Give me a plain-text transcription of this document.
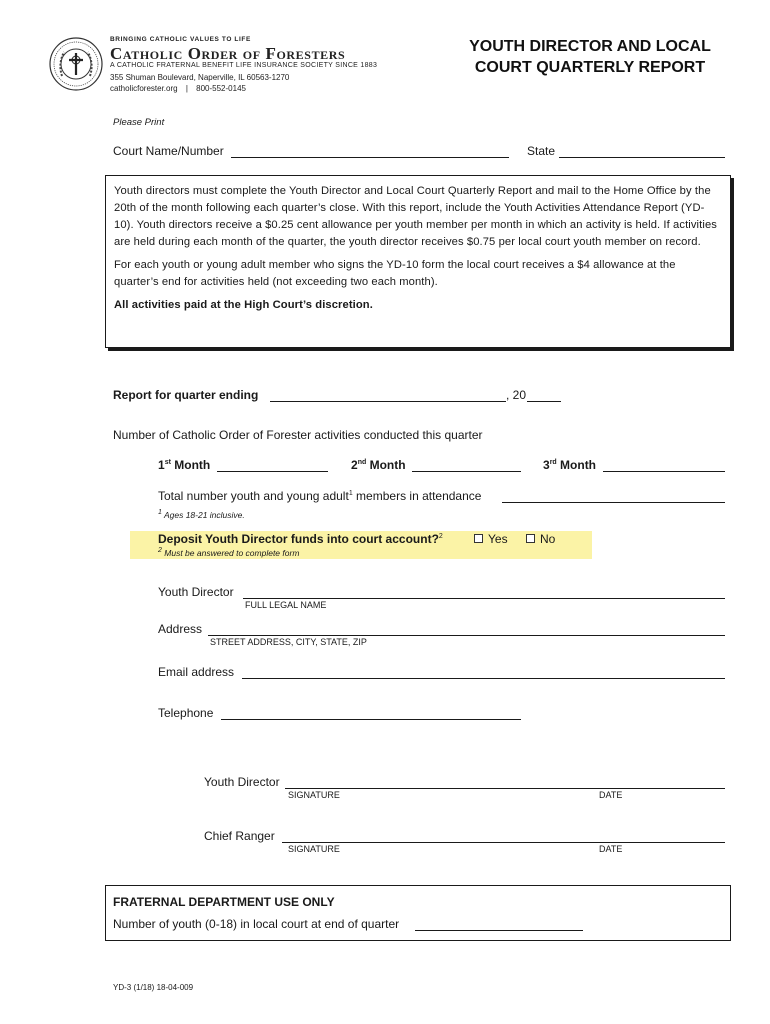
BRINGING CATHOLIC VALUES TO LIFE
Catholic Order of Foresters
A CATHOLIC FRATERNAL BENEFIT LIFE INSURANCE SOCIETY SINCE 1883
355 Shuman Boulevard, Naperville, IL 60563-1270
catholicforester.org | 800-552-0145
YOUTH DIRECTOR AND LOCAL
COURT QUARTERLY REPORT
Please Print
Court Name/Number	State

Youth directors must complete the Youth Director and Local Court Quarterly Report and mail to the Home Office by the 20th of the month following each quarter’s close. With this report, include the Youth Activities Attendance Report (YD-10). Youth directors receive a $0.25 cent allowance per youth member per month in which an activity is held. If activities are held during each month of the quarter, the youth director receives $0.75 per local court youth member on record.

For each youth or young adult member who signs the YD-10 form the local court receives a $4 allowance at the quarter’s end for activities held (not exceeding two each month).

All activities paid at the High Court’s discretion.

Report for quarter ending	, 20
Number of Catholic Order of Forester activities conducted this quarter
1st Month	2nd Month	3rd Month
Total number youth and young adult$^1$ members in attendance
$^1$ Ages 18-21 inclusive.
Deposit Youth Director funds into court account?$^2$	Yes	No
$^2$ Must be answered to complete form
Youth Director
FULL LEGAL NAME
Address
STREET ADDRESS, CITY, STATE, ZIP
Email address
Telephone
Youth Director
SIGNATURE	DATE
Chief Ranger
SIGNATURE	DATE
FRATERNAL DEPARTMENT USE ONLY
Number of youth (0-18) in local court at end of quarter
YD-3 (1/18) 18-04-009
